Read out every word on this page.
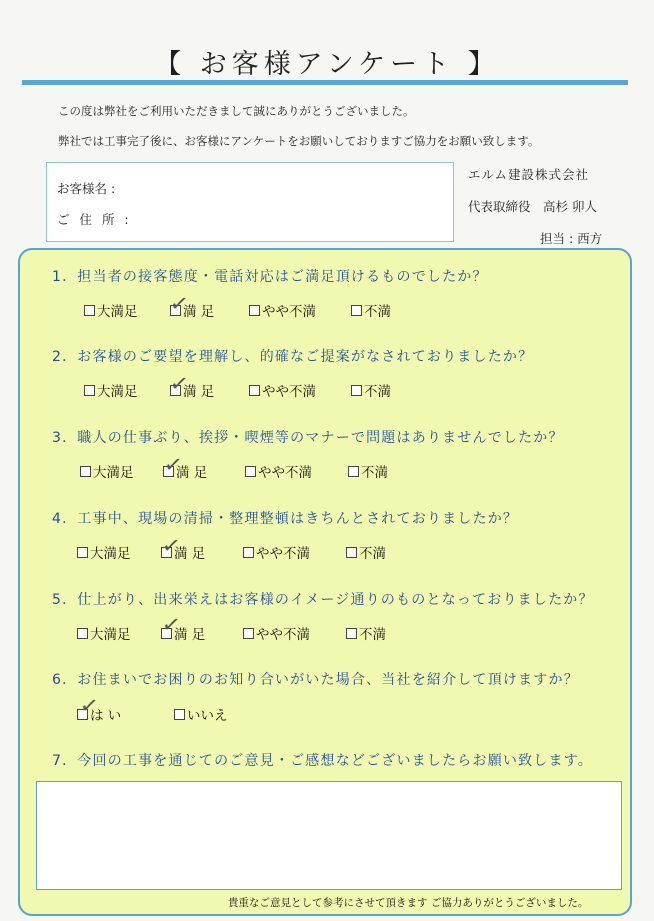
【 お客様アンケート 】
この度は弊社をご利用いただきまして誠にありがとうございました。
弊社では工事完了後に、お客様にアンケートをお願いしておりますご協力をお願い致します。
お客様名 :
ご 住 所 :
エルム建設株式会社
代表取締役 高杉 卯人
担当 : 西方
1．担当者の接客態度・電話対応はご満足頂けるものでしたか？
2．お客様のご要望を理解し、的確なご提案がなされておりましたか？
3．職人の仕事ぶり、挨拶・喫煙等のマナーで問題はありませんでしたか？
4．工事中、現場の清掃・整理整頓はきちんとされておりましたか？
5．仕上がり、出来栄えはお客様のイメージ通りのものとなっておりましたか？
6．お住まいでお困りのお知り合いがいた場合、当社を紹介して頂けますか？
7．今回の工事を通じてのご意見・ご感想などございましたらお願い致します。
大満足	満 足	やや不満	不満
✓
大満足	満 足	やや不満	不満
✓
大満足	満 足	やや不満	不満
✓
大満足	満 足	やや不満	不満
✓
大満足	満 足	やや不満	不満
✓
は い	いいえ
✓
貴重なご意見として参考にさせて頂きます ご協力ありがとうございました。
